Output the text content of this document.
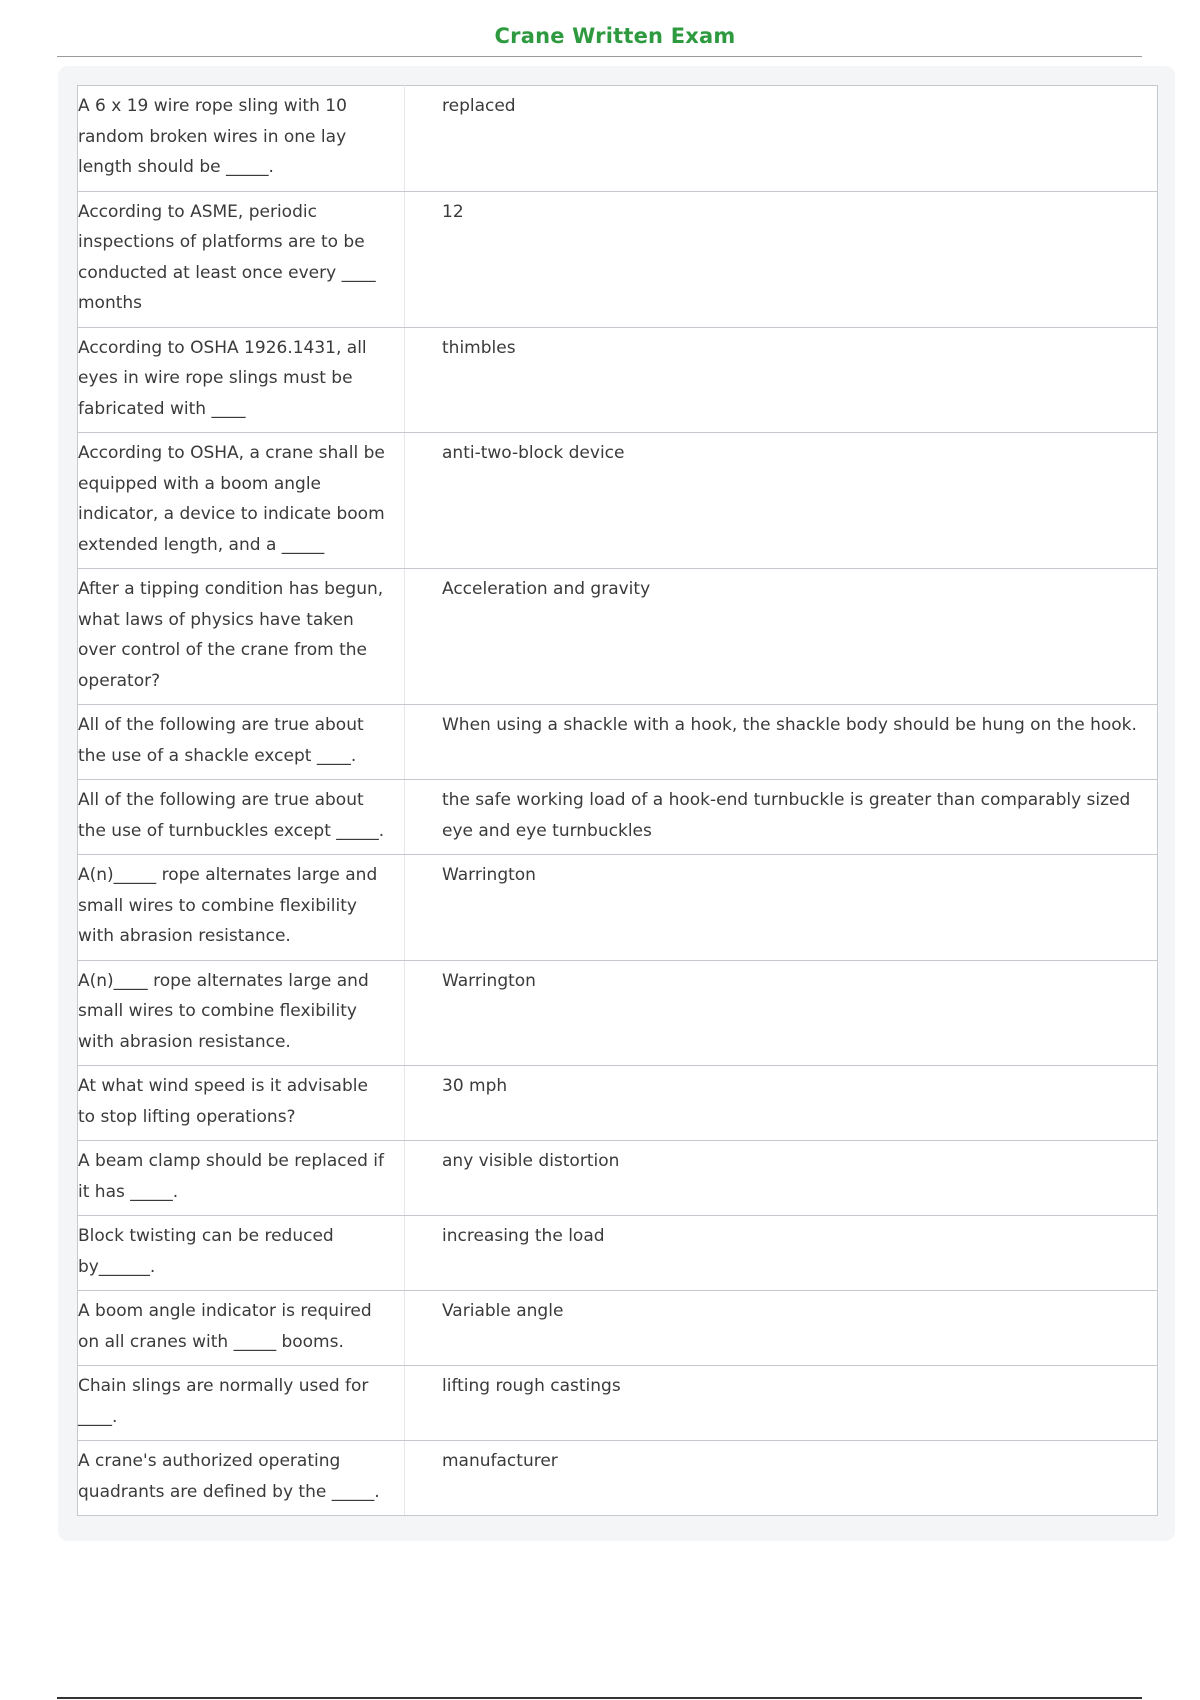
Crane Written Exam
A 6 x 19 wire rope sling with 10 random broken wires in one lay length should be _____.	replaced
According to ASME, periodic inspections of platforms are to be conducted at least once every ____ months	12
According to OSHA 1926.1431, all eyes in wire rope slings must be fabricated with ____	thimbles
According to OSHA, a crane shall be equipped with a boom angle indicator, a device to indicate boom extended length, and a _____	anti-two-block device
After a tipping condition has begun, what laws of physics have taken over control of the crane from the operator?	Acceleration and gravity
All of the following are true about the use of a shackle except ____.	When using a shackle with a hook, the shackle body should be hung on the hook.
All of the following are true about the use of turnbuckles except _____.	the safe working load of a hook-end turnbuckle is greater than comparably sized eye and eye turnbuckles
A(n)_____ rope alternates large and small wires to combine flexibility with abrasion resistance.	Warrington
A(n)____ rope alternates large and small wires to combine flexibility with abrasion resistance.	Warrington
At what wind speed is it advisable to stop lifting operations?	30 mph
A beam clamp should be replaced if it has _____.	any visible distortion
Block twisting can be reduced by______.	increasing the load
A boom angle indicator is required on all cranes with _____ booms.	Variable angle
Chain slings are normally used for ____.	lifting rough castings
A crane's authorized operating quadrants are defined by the _____.	manufacturer
